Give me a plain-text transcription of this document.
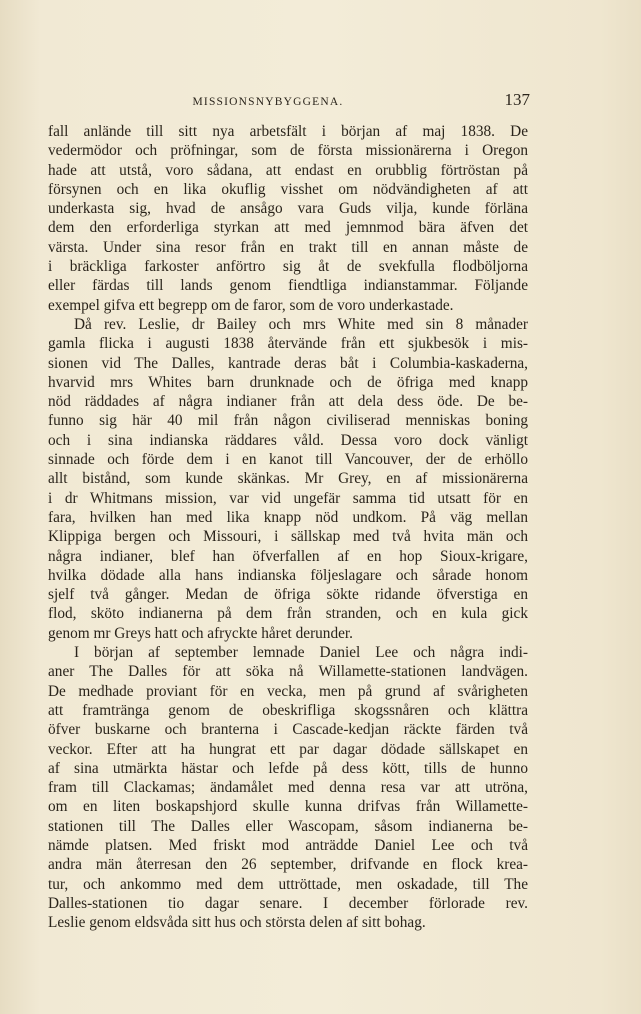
MISSIONSNYBYGGENA.	137
fall anlände till sitt nya arbetsfält i början af maj 1838. De
vedermödor och pröfningar, som de första missionärerna i Oregon
hade att utstå, voro sådana, att endast en orubblig förtröstan på
försynen och en lika okuflig visshet om nödvändigheten af att
underkasta sig, hvad de ansågo vara Guds vilja, kunde förläna
dem den erforderliga styrkan att med jemnmod bära äfven det
värsta. Under sina resor från en trakt till en annan måste de
i bräckliga farkoster anförtro sig åt de svekfulla flodböljorna
eller färdas till lands genom fiendtliga indianstammar. Följande
exempel gifva ett begrepp om de faror, som de voro underkastade.
Då rev. Leslie, dr Bailey och mrs White med sin 8 månader
gamla flicka i augusti 1838 återvände från ett sjukbesök i mis-
sionen vid The Dalles, kantrade deras båt i Columbia-kaskaderna,
hvarvid mrs Whites barn drunknade och de öfriga med knapp
nöd räddades af några indianer från att dela dess öde. De be-
funno sig här 40 mil från någon civiliserad menniskas boning
och i sina indianska räddares våld. Dessa voro dock vänligt
sinnade och förde dem i en kanot till Vancouver, der de erhöllo
allt bistånd, som kunde skänkas. Mr Grey, en af missionärerna
i dr Whitmans mission, var vid ungefär samma tid utsatt för en
fara, hvilken han med lika knapp nöd undkom. På väg mellan
Klippiga bergen och Missouri, i sällskap med två hvita män och
några indianer, blef han öfverfallen af en hop Sioux-krigare,
hvilka dödade alla hans indianska följeslagare och sårade honom
sjelf två gånger. Medan de öfriga sökte ridande öfverstiga en
flod, sköto indianerna på dem från stranden, och en kula gick
genom mr Greys hatt och afryckte håret derunder.
I början af september lemnade Daniel Lee och några indi-
aner The Dalles för att söka nå Willamette-stationen landvägen.
De medhade proviant för en vecka, men på grund af svårigheten
att framtränga genom de obeskrifliga skogssnåren och klättra
öfver buskarne och branterna i Cascade-kedjan räckte färden två
veckor. Efter att ha hungrat ett par dagar dödade sällskapet en
af sina utmärkta hästar och lefde på dess kött, tills de hunno
fram till Clackamas; ändamålet med denna resa var att utröna,
om en liten boskapshjord skulle kunna drifvas från Willamette-
stationen till The Dalles eller Wascopam, såsom indianerna be-
nämde platsen. Med friskt mod anträdde Daniel Lee och två
andra män återresan den 26 september, drifvande en flock krea-
tur, och ankommo med dem uttröttade, men oskadade, till The
Dalles-stationen tio dagar senare. I december förlorade rev.
Leslie genom eldsvåda sitt hus och största delen af sitt bohag.
